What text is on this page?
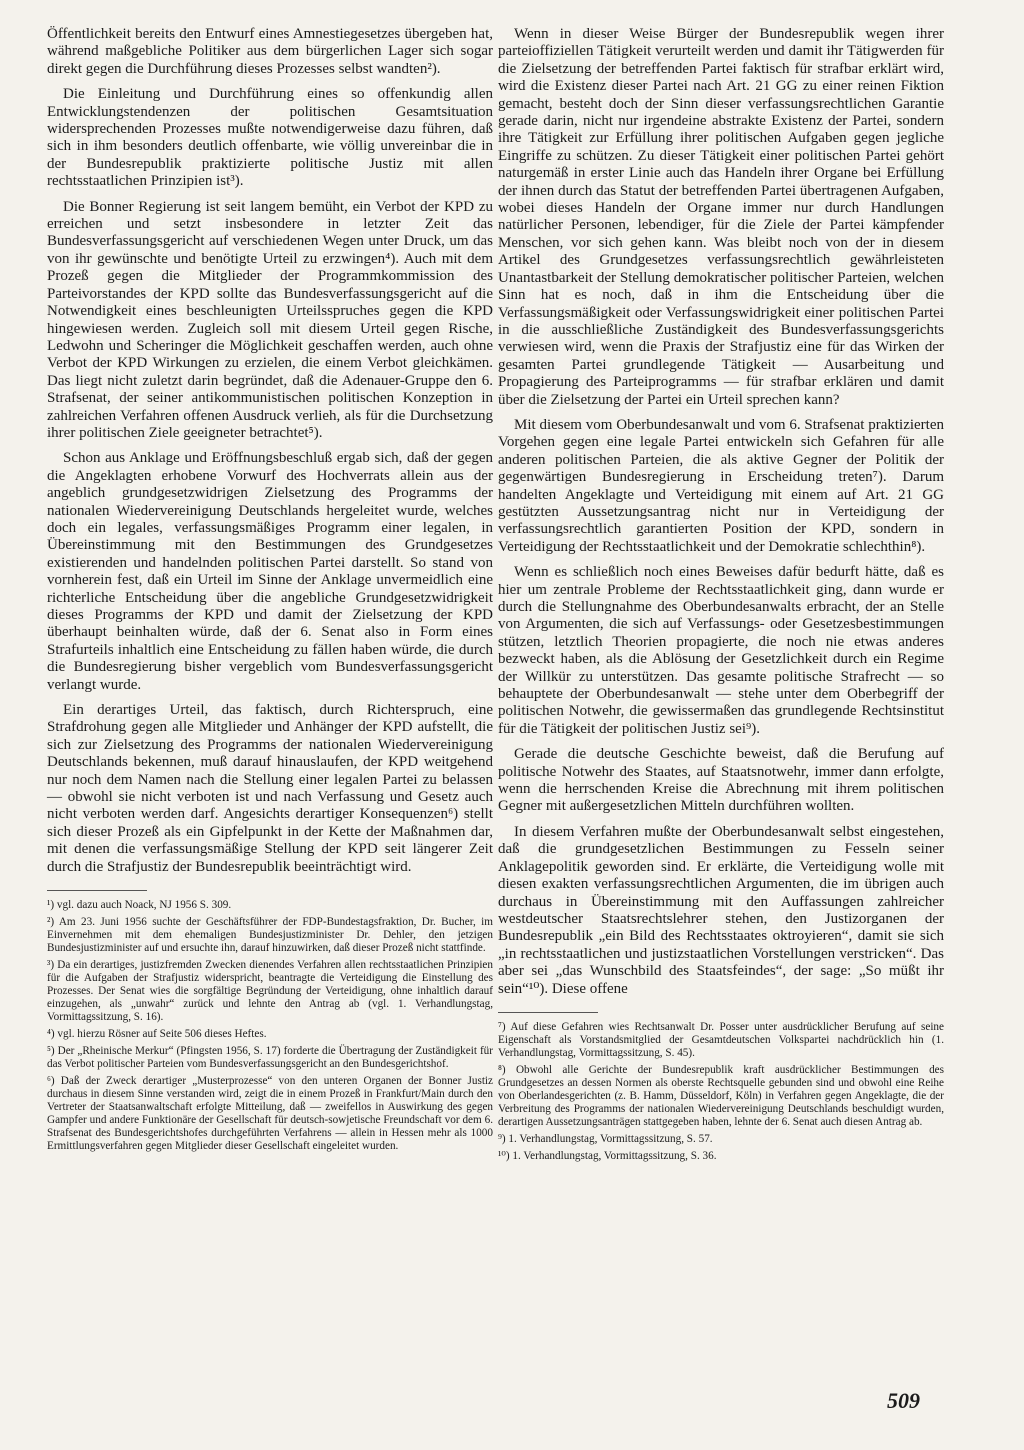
Öffentlichkeit bereits den Entwurf eines Amnestiegesetzes übergeben hat, während maßgebliche Politiker aus dem bürgerlichen Lager sich sogar direkt gegen die Durchführung dieses Prozesses selbst wandten²).

Die Einleitung und Durchführung eines so offenkundig allen Entwicklungstendenzen der politischen Gesamtsituation widersprechenden Prozesses mußte notwendigerweise dazu führen, daß sich in ihm besonders deutlich offenbarte, wie völlig unvereinbar die in der Bundesrepublik praktizierte politische Justiz mit allen rechtsstaatlichen Prinzipien ist³).

Die Bonner Regierung ist seit langem bemüht, ein Verbot der KPD zu erreichen und setzt insbesondere in letzter Zeit das Bundesverfassungsgericht auf verschiedenen Wegen unter Druck, um das von ihr gewünschte und benötigte Urteil zu erzwingen⁴). Auch mit dem Prozeß gegen die Mitglieder der Programmkommission des Parteivorstandes der KPD sollte das Bundesverfassungsgericht auf die Notwendigkeit eines beschleunigten Urteilsspruches gegen die KPD hingewiesen werden. Zugleich soll mit diesem Urteil gegen Rische, Ledwohn und Scheringer die Möglichkeit geschaffen werden, auch ohne Verbot der KPD Wirkungen zu erzielen, die einem Verbot gleichkämen. Das liegt nicht zuletzt darin begründet, daß die Adenauer-Gruppe den 6. Strafsenat, der seiner antikommunistischen politischen Konzeption in zahlreichen Verfahren offenen Ausdruck verlieh, als für die Durchsetzung ihrer politischen Ziele geeigneter betrachtet⁵).

Schon aus Anklage und Eröffnungsbeschluß ergab sich, daß der gegen die Angeklagten erhobene Vorwurf des Hochverrats allein aus der angeblich grundgesetzwidrigen Zielsetzung des Programms der nationalen Wiedervereinigung Deutschlands hergeleitet wurde, welches doch ein legales, verfassungsmäßiges Programm einer legalen, in Übereinstimmung mit den Bestimmungen des Grundgesetzes existierenden und handelnden politischen Partei darstellt. So stand von vornherein fest, daß ein Urteil im Sinne der Anklage unvermeidlich eine richterliche Entscheidung über die angebliche Grundgesetzwidrigkeit dieses Programms der KPD und damit der Zielsetzung der KPD überhaupt beinhalten würde, daß der 6. Senat also in Form eines Strafurteils inhaltlich eine Entscheidung zu fällen haben würde, die durch die Bundesregierung bisher vergeblich vom Bundesverfassungsgericht verlangt wurde.

Ein derartiges Urteil, das faktisch, durch Richterspruch, eine Strafdrohung gegen alle Mitglieder und Anhänger der KPD aufstellt, die sich zur Zielsetzung des Programms der nationalen Wiedervereinigung Deutschlands bekennen, muß darauf hinauslaufen, der KPD weitgehend nur noch dem Namen nach die Stellung einer legalen Partei zu belassen — obwohl sie nicht verboten ist und nach Verfassung und Gesetz auch nicht verboten werden darf. Angesichts derartiger Konsequenzen⁶) stellt sich dieser Prozeß als ein Gipfelpunkt in der Kette der Maßnahmen dar, mit denen die verfassungsmäßige Stellung der KPD seit längerer Zeit durch die Strafjustiz der Bundesrepublik beeinträchtigt wird.

¹) vgl. dazu auch Noack, NJ 1956 S. 309.

²) Am 23. Juni 1956 suchte der Geschäftsführer der FDP-Bundestagsfraktion, Dr. Bucher, im Einvernehmen mit dem ehemaligen Bundesjustizminister Dr. Dehler, den jetzigen Bundesjustizminister auf und ersuchte ihn, darauf hinzuwirken, daß dieser Prozeß nicht stattfinde.

³) Da ein derartiges, justizfremden Zwecken dienendes Verfahren allen rechtsstaatlichen Prinzipien für die Aufgaben der Strafjustiz widerspricht, beantragte die Verteidigung die Einstellung des Prozesses. Der Senat wies die sorgfältige Begründung der Verteidigung, ohne inhaltlich darauf einzugehen, als „unwahr“ zurück und lehnte den Antrag ab (vgl. 1. Verhandlungstag, Vormittagssitzung, S. 16).

⁴) vgl. hierzu Rösner auf Seite 506 dieses Heftes.

⁵) Der „Rheinische Merkur“ (Pfingsten 1956, S. 17) forderte die Übertragung der Zuständigkeit für das Verbot politischer Parteien vom Bundesverfassungsgericht an den Bundesgerichtshof.

⁶) Daß der Zweck derartiger „Musterprozesse“ von den unteren Organen der Bonner Justiz durchaus in diesem Sinne verstanden wird, zeigt die in einem Prozeß in Frankfurt/Main durch den Vertreter der Staatsanwaltschaft erfolgte Mitteilung, daß — zweifellos in Auswirkung des gegen Gampfer und andere Funktionäre der Gesellschaft für deutsch-sowjetische Freundschaft vor dem 6. Strafsenat des Bundesgerichtshofes durchgeführten Verfahrens — allein in Hessen mehr als 1000 Ermittlungsverfahren gegen Mitglieder dieser Gesellschaft eingeleitet wurden.

Wenn in dieser Weise Bürger der Bundesrepublik wegen ihrer parteioffiziellen Tätigkeit verurteilt werden und damit ihr Tätigwerden für die Zielsetzung der betreffenden Partei faktisch für strafbar erklärt wird, wird die Existenz dieser Partei nach Art. 21 GG zu einer reinen Fiktion gemacht, besteht doch der Sinn dieser verfassungsrechtlichen Garantie gerade darin, nicht nur irgendeine abstrakte Existenz der Partei, sondern ihre Tätigkeit zur Erfüllung ihrer politischen Aufgaben gegen jegliche Eingriffe zu schützen. Zu dieser Tätigkeit einer politischen Partei gehört naturgemäß in erster Linie auch das Handeln ihrer Organe bei Erfüllung der ihnen durch das Statut der betreffenden Partei übertragenen Aufgaben, wobei dieses Handeln der Organe immer nur durch Handlungen natürlicher Personen, lebendiger, für die Ziele der Partei kämpfender Menschen, vor sich gehen kann. Was bleibt noch von der in diesem Artikel des Grundgesetzes verfassungsrechtlich gewährleisteten Unantastbarkeit der Stellung demokratischer politischer Parteien, welchen Sinn hat es noch, daß in ihm die Entscheidung über die Verfassungsmäßigkeit oder Verfassungswidrigkeit einer politischen Partei in die ausschließliche Zuständigkeit des Bundesverfassungsgerichts verwiesen wird, wenn die Praxis der Strafjustiz eine für das Wirken der gesamten Partei grundlegende Tätigkeit — Ausarbeitung und Propagierung des Parteiprogramms — für strafbar erklären und damit über die Zielsetzung der Partei ein Urteil sprechen kann?

Mit diesem vom Oberbundesanwalt und vom 6. Strafsenat praktizierten Vorgehen gegen eine legale Partei entwickeln sich Gefahren für alle anderen politischen Parteien, die als aktive Gegner der Politik der gegenwärtigen Bundesregierung in Erscheidung treten⁷). Darum handelten Angeklagte und Verteidigung mit einem auf Art. 21 GG gestützten Aussetzungsantrag nicht nur in Verteidigung der verfassungsrechtlich garantierten Position der KPD, sondern in Verteidigung der Rechtsstaatlichkeit und der Demokratie schlechthin⁸).

Wenn es schließlich noch eines Beweises dafür bedurft hätte, daß es hier um zentrale Probleme der Rechtsstaatlichkeit ging, dann wurde er durch die Stellungnahme des Oberbundesanwalts erbracht, der an Stelle von Argumenten, die sich auf Verfassungs- oder Gesetzesbestimmungen stützen, letztlich Theorien propagierte, die noch nie etwas anderes bezweckt haben, als die Ablösung der Gesetzlichkeit durch ein Regime der Willkür zu unterstützen. Das gesamte politische Strafrecht — so behauptete der Oberbundesanwalt — stehe unter dem Oberbegriff der politischen Notwehr, die gewissermaßen das grundlegende Rechtsinstitut für die Tätigkeit der politischen Justiz sei⁹).

Gerade die deutsche Geschichte beweist, daß die Berufung auf politische Notwehr des Staates, auf Staatsnotwehr, immer dann erfolgte, wenn die herrschenden Kreise die Abrechnung mit ihrem politischen Gegner mit außergesetzlichen Mitteln durchführen wollten.

In diesem Verfahren mußte der Oberbundesanwalt selbst eingestehen, daß die grundgesetzlichen Bestimmungen zu Fesseln seiner Anklagepolitik geworden sind. Er erklärte, die Verteidigung wolle mit diesen exakten verfassungsrechtlichen Argumenten, die im übrigen auch durchaus in Übereinstimmung mit den Auffassungen zahlreicher westdeutscher Staatsrechtslehrer stehen, den Justizorganen der Bundesrepublik „ein Bild des Rechtsstaates oktroyieren“, damit sie sich „in rechtsstaatlichen und justizstaatlichen Vorstellungen verstricken“. Das aber sei „das Wunschbild des Staatsfeindes“, der sage: „So müßt ihr sein“¹⁰). Diese offene

⁷) Auf diese Gefahren wies Rechtsanwalt Dr. Posser unter ausdrücklicher Berufung auf seine Eigenschaft als Vorstandsmitglied der Gesamtdeutschen Volkspartei nachdrücklich hin (1. Verhandlungstag, Vormittagssitzung, S. 45).

⁸) Obwohl alle Gerichte der Bundesrepublik kraft ausdrücklicher Bestimmungen des Grundgesetzes an dessen Normen als oberste Rechtsquelle gebunden sind und obwohl eine Reihe von Oberlandesgerichten (z. B. Hamm, Düsseldorf, Köln) in Verfahren gegen Angeklagte, die der Verbreitung des Programms der nationalen Wiedervereinigung Deutschlands beschuldigt wurden, derartigen Aussetzungsanträgen stattgegeben haben, lehnte der 6. Senat auch diesen Antrag ab.

⁹) 1. Verhandlungstag, Vormittagssitzung, S. 57.

¹⁰) 1. Verhandlungstag, Vormittagssitzung, S. 36.

509
